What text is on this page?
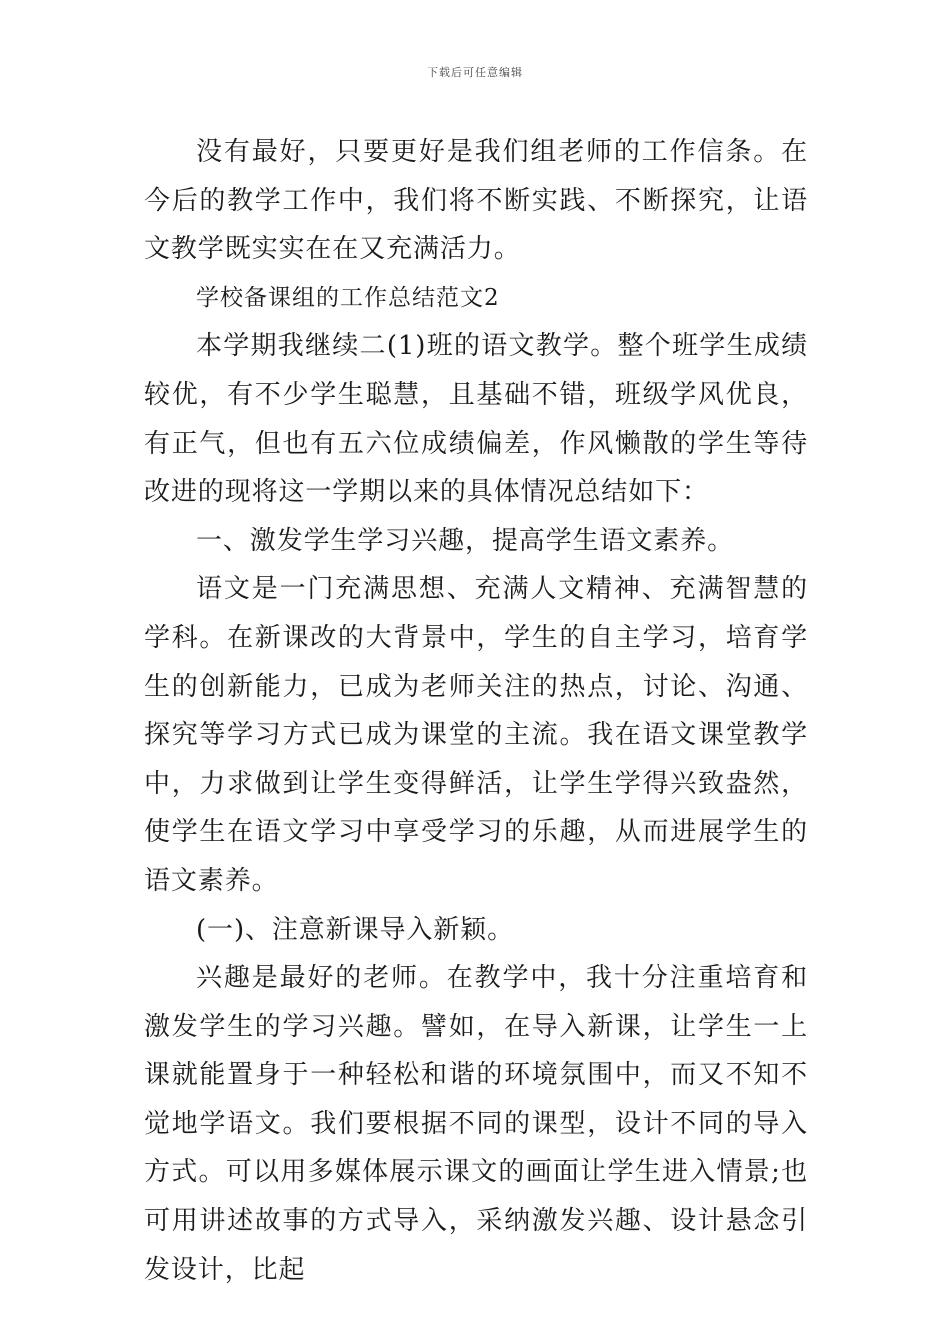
下载后可任意编辑

没有最好，只要更好是我们组老师的工作信条。在今后的教学工作中，我们将不断实践、不断探究，让语文教学既实实在在又充满活力。

学校备课组的工作总结范文2

本学期我继续二(1)班的语文教学。整个班学生成绩较优，有不少学生聪慧，且基础不错，班级学风优良，有正气，但也有五六位成绩偏差，作风懒散的学生等待改进的现将这一学期以来的具体情况总结如下：

一、激发学生学习兴趣，提高学生语文素养。

语文是一门充满思想、充满人文精神、充满智慧的学科。在新课改的大背景中，学生的自主学习，培育学生的创新能力，已成为老师关注的热点，讨论、沟通、探究等学习方式已成为课堂的主流。我在语文课堂教学中，力求做到让学生变得鲜活，让学生学得兴致盎然，使学生在语文学习中享受学习的乐趣，从而进展学生的语文素养。

(一)、注意新课导入新颖。

兴趣是最好的老师。在教学中，我十分注重培育和激发学生的学习兴趣。譬如，在导入新课，让学生一上课就能置身于一种轻松和谐的环境氛围中，而又不知不觉地学语文。我们要根据不同的课型，设计不同的导入方式。可以用多媒体展示课文的画面让学生进入情景;也可用讲述故事的方式导入，采纳激发兴趣、设计悬念引发设计，比起
